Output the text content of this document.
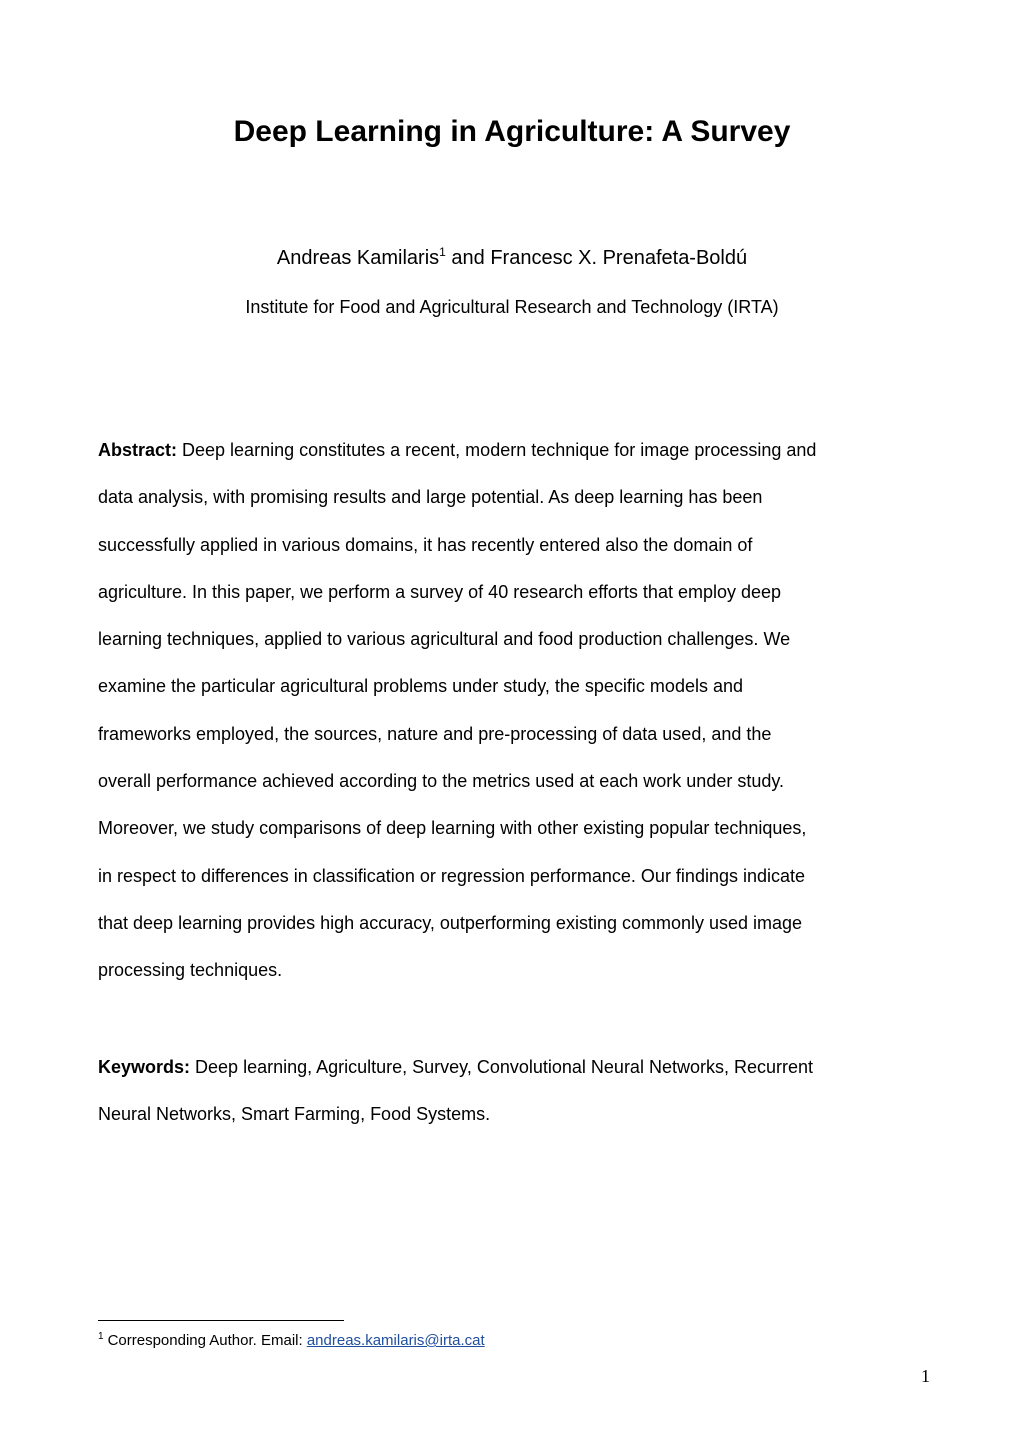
Deep Learning in Agriculture: A Survey
Andreas Kamilaris$^1$ and Francesc X. Prenafeta-Boldú
Institute for Food and Agricultural Research and Technology (IRTA)
Abstract: Deep learning constitutes a recent, modern technique for image processing and
data analysis, with promising results and large potential. As deep learning has been
successfully applied in various domains, it has recently entered also the domain of
agriculture. In this paper, we perform a survey of 40 research efforts that employ deep
learning techniques, applied to various agricultural and food production challenges. We
examine the particular agricultural problems under study, the specific models and
frameworks employed, the sources, nature and pre-processing of data used, and the
overall performance achieved according to the metrics used at each work under study.
Moreover, we study comparisons of deep learning with other existing popular techniques,
in respect to differences in classification or regression performance. Our findings indicate
that deep learning provides high accuracy, outperforming existing commonly used image
processing techniques.
Keywords: Deep learning, Agriculture, Survey, Convolutional Neural Networks, Recurrent
Neural Networks, Smart Farming, Food Systems.
$^1$ Corresponding Author. Email: andreas.kamilaris@irta.cat
1
